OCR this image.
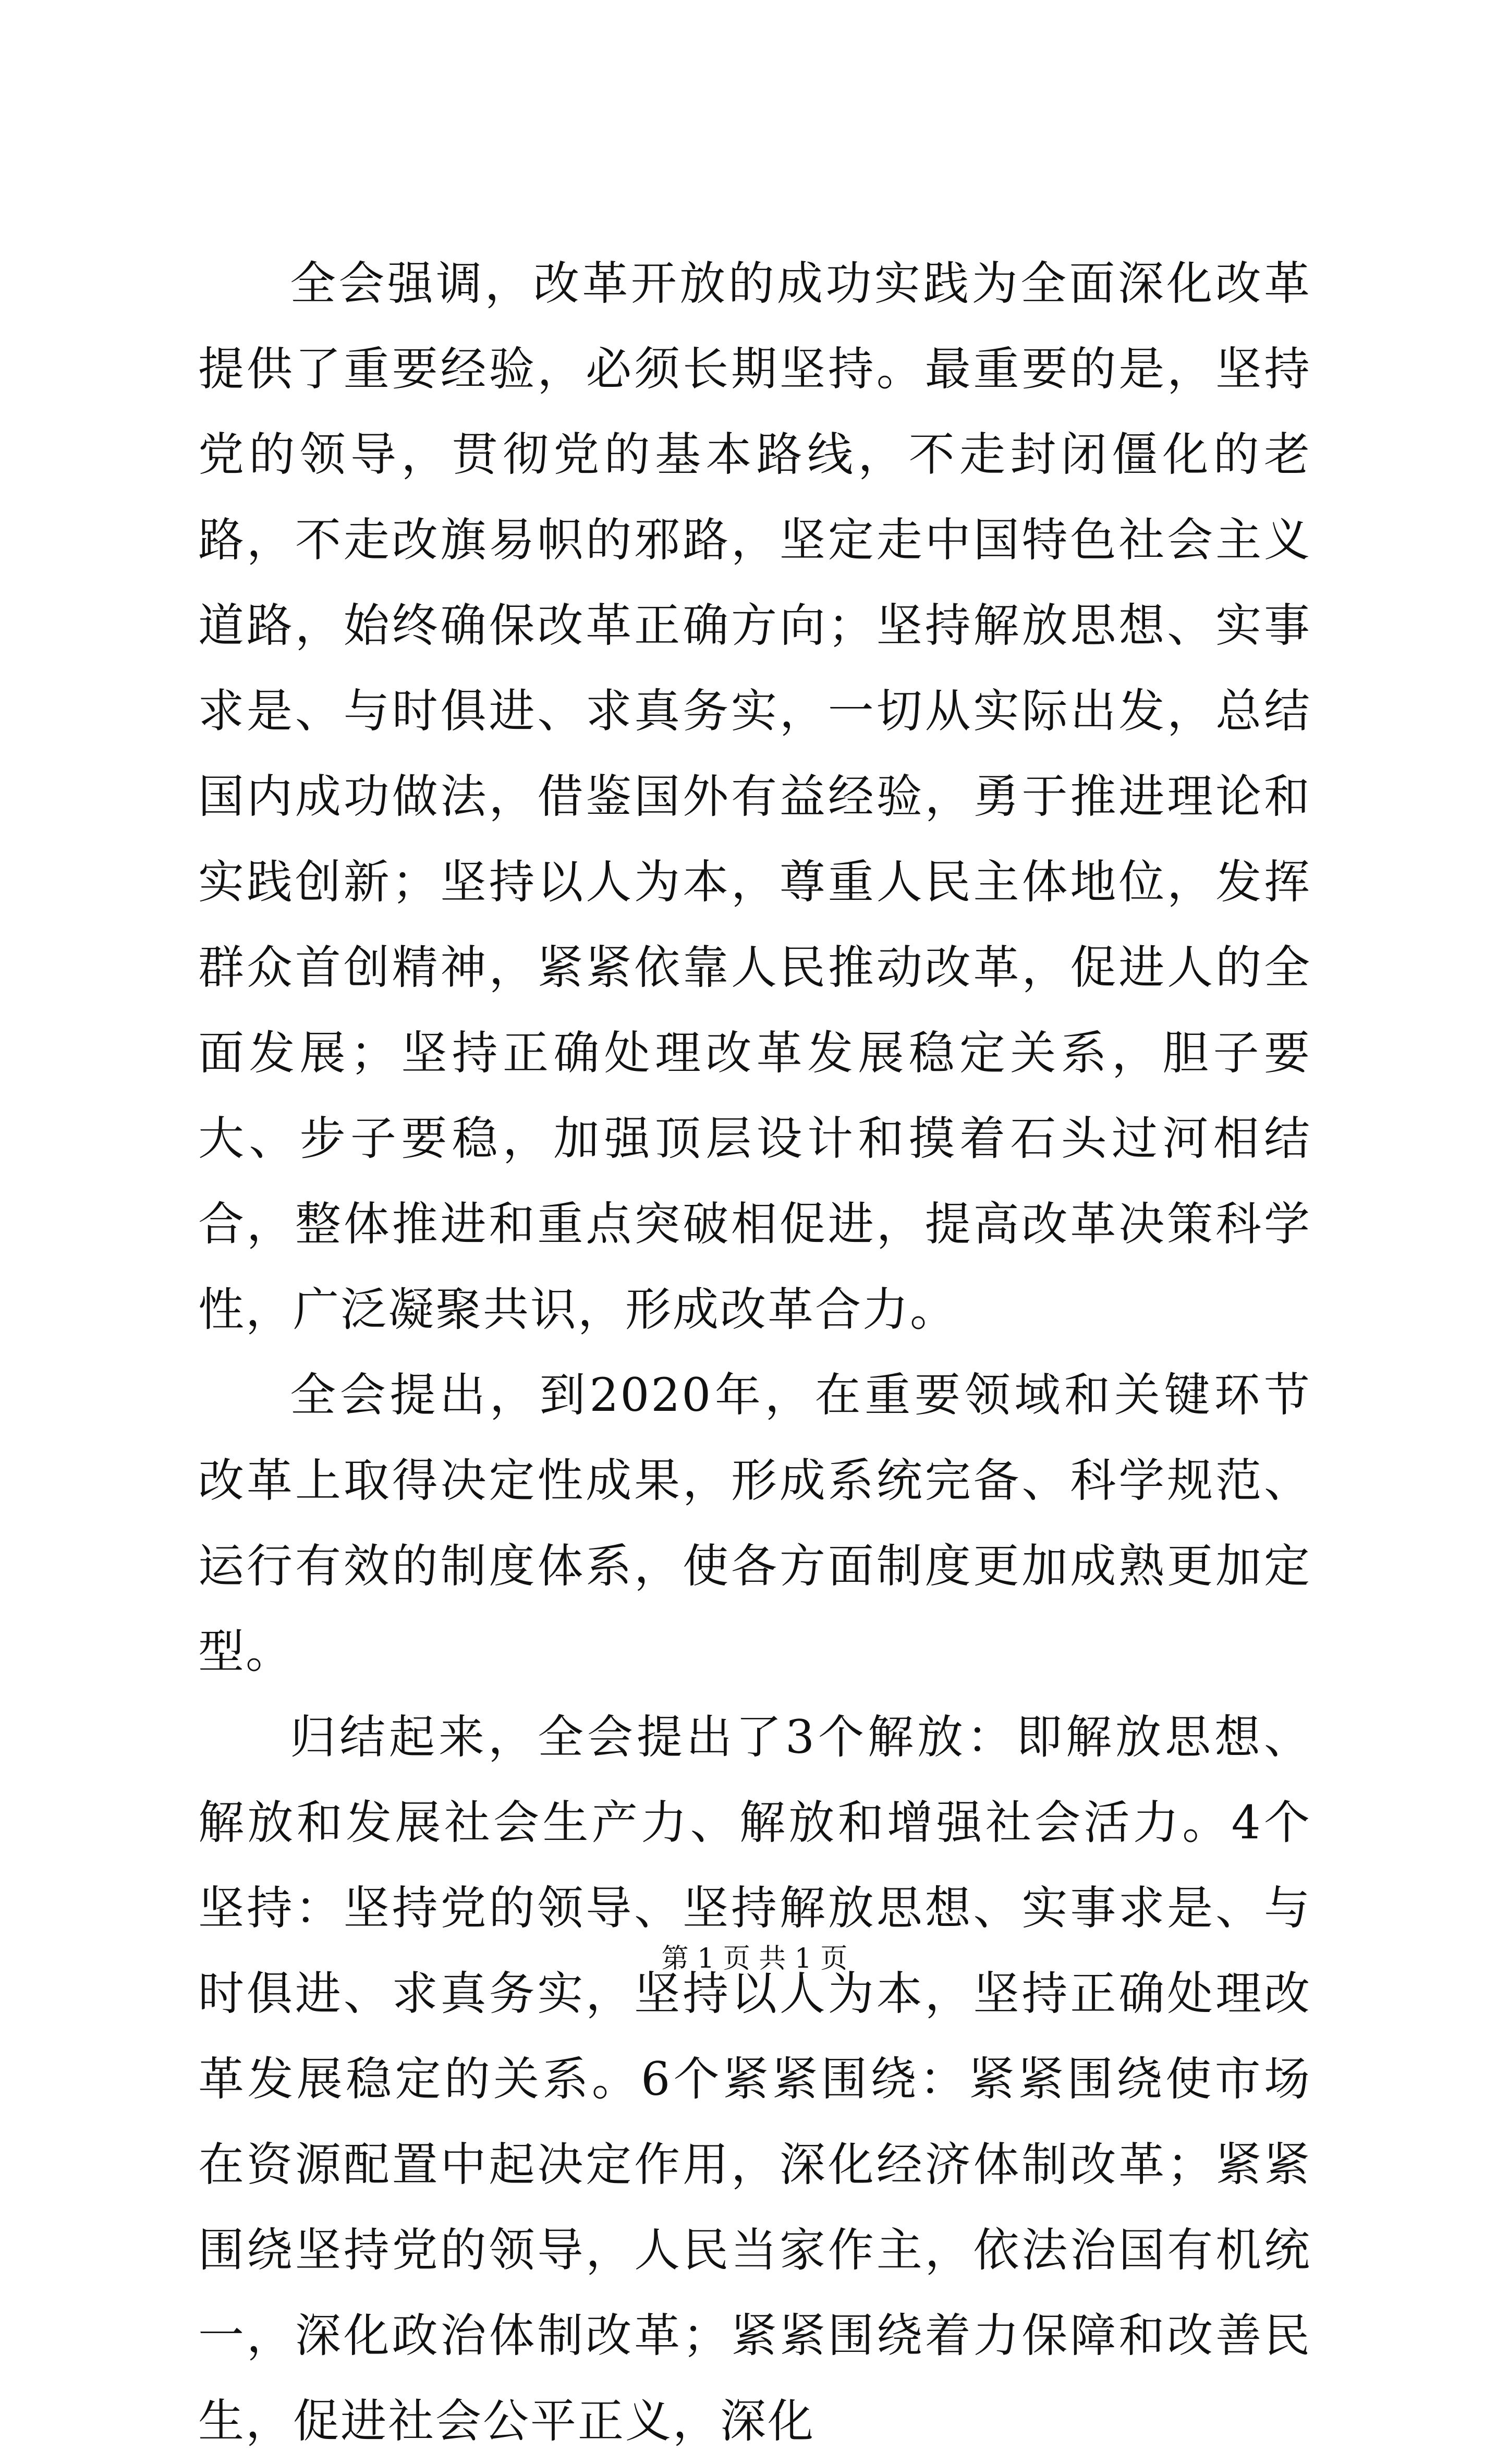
全会强调，改革开放的成功实践为全面深化改革提供了重要经验，必须长期坚持。最重要的是，坚持党的领导，贯彻党的基本路线，不走封闭僵化的老路，不走改旗易帜的邪路，坚定走中国特色社会主义道路，始终确保改革正确方向；坚持解放思想、实事求是、与时俱进、求真务实，一切从实际出发，总结国内成功做法，借鉴国外有益经验，勇于推进理论和实践创新；坚持以人为本，尊重人民主体地位，发挥群众首创精神，紧紧依靠人民推动改革，促进人的全面发展；坚持正确处理改革发展稳定关系，胆子要大、步子要稳，加强顶层设计和摸着石头过河相结合，整体推进和重点突破相促进，提高改革决策科学性，广泛凝聚共识，形成改革合力。

全会提出，到2020年，在重要领域和关键环节改革上取得决定性成果，形成系统完备、科学规范、运行有效的制度体系，使各方面制度更加成熟更加定型。

归结起来，全会提出了3个解放：即解放思想、解放和发展社会生产力、解放和增强社会活力。4个坚持：坚持党的领导、坚持解放思想、实事求是、与时俱进、求真务实，坚持以人为本，坚持正确处理改革发展稳定的关系。6个紧紧围绕：紧紧围绕使市场在资源配置中起决定作用，深化经济体制改革；紧紧围绕坚持党的领导，人民当家作主，依法治国有机统一，深化政治体制改革；紧紧围绕着力保障和改善民生，促进社会公平正义，深化

第 1 页 共 1 页
